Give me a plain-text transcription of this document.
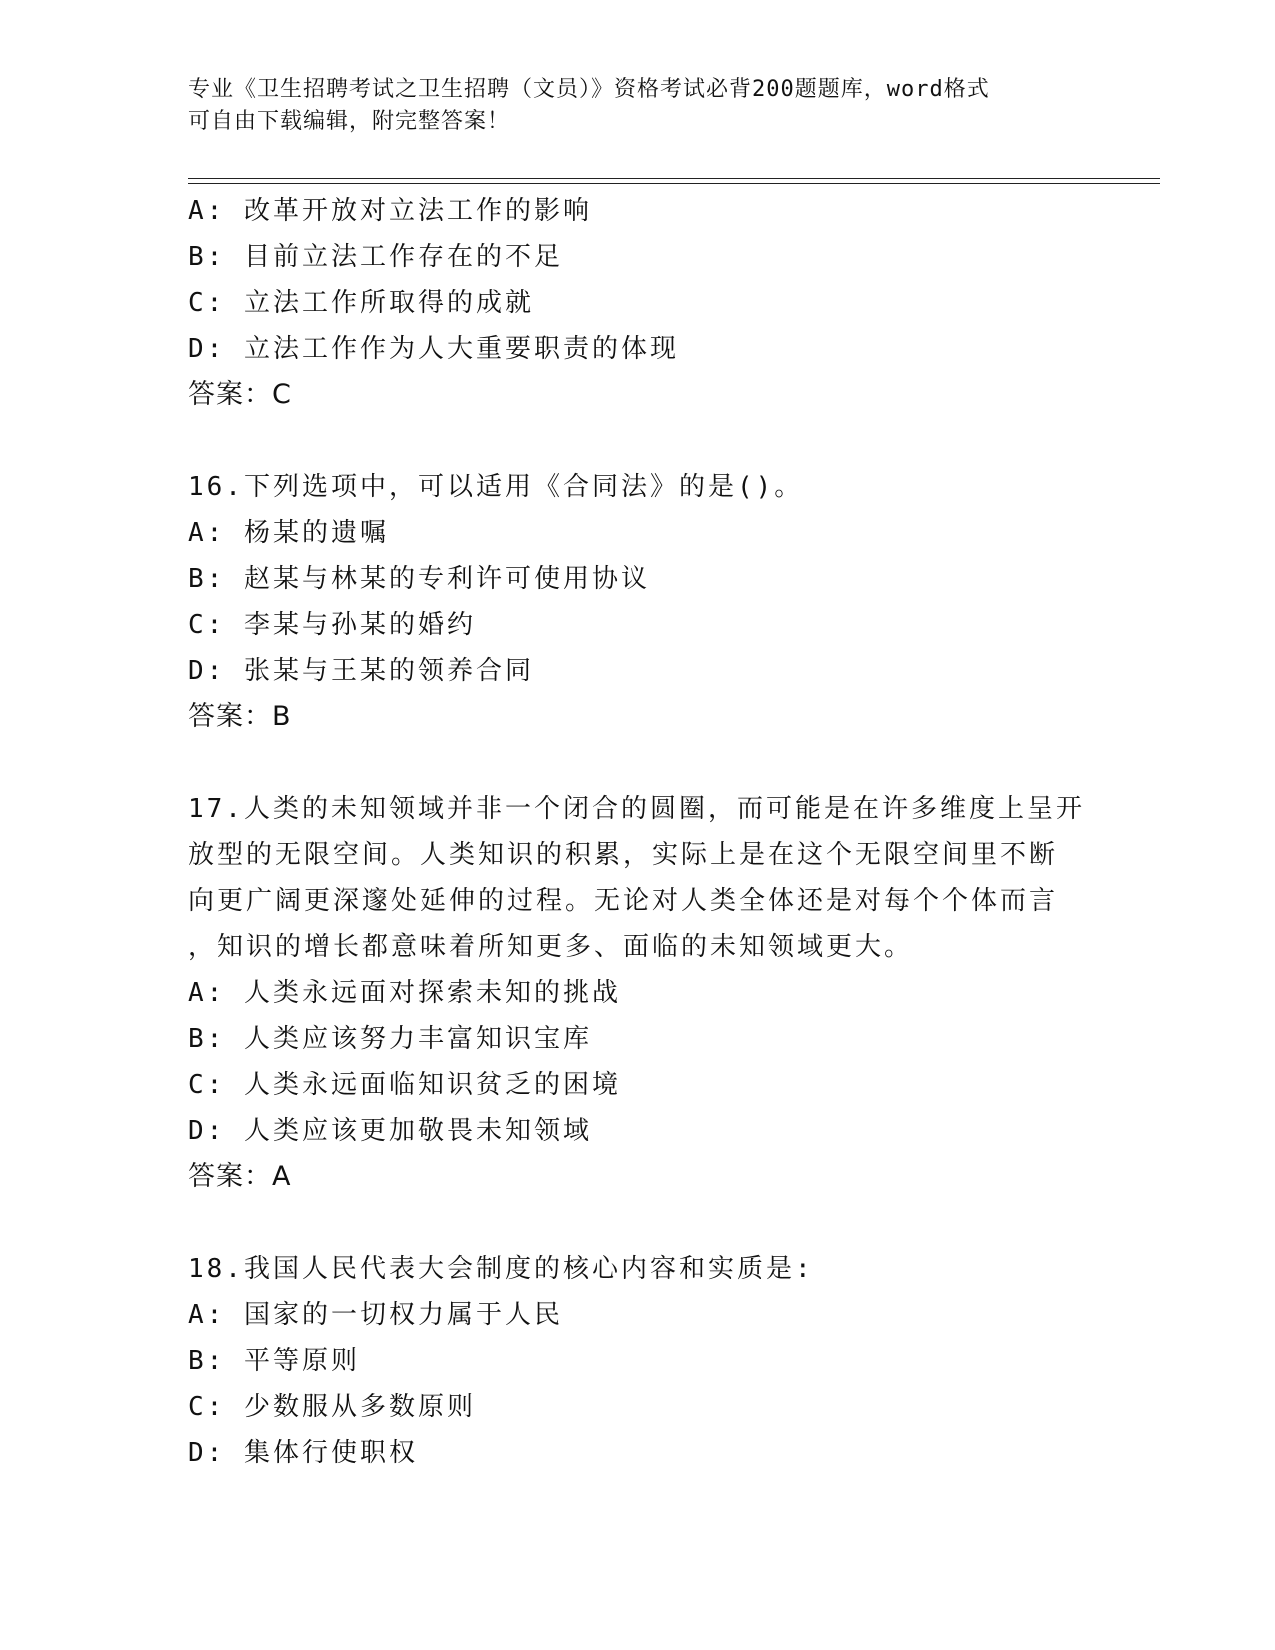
专业《卫生招聘考试之卫生招聘（文员）》资格考试必背200题题库，word格式
可自由下载编辑，附完整答案！
A: 改革开放对立法工作的影响
B: 目前立法工作存在的不足
C: 立法工作所取得的成就
D: 立法工作作为人大重要职责的体现
答案：C
16.下列选项中，可以适用《合同法》的是()。
A: 杨某的遗嘱
B: 赵某与林某的专利许可使用协议
C: 李某与孙某的婚约
D: 张某与王某的领养合同
答案：B
17.人类的未知领域并非一个闭合的圆圈，而可能是在许多维度上呈开
放型的无限空间。人类知识的积累，实际上是在这个无限空间里不断
向更广阔更深邃处延伸的过程。无论对人类全体还是对每个个体而言
，知识的增长都意味着所知更多、面临的未知领域更大。
A: 人类永远面对探索未知的挑战
B: 人类应该努力丰富知识宝库
C: 人类永远面临知识贫乏的困境
D: 人类应该更加敬畏未知领域
答案：A
18.我国人民代表大会制度的核心内容和实质是:
A: 国家的一切权力属于人民
B: 平等原则
C: 少数服从多数原则
D: 集体行使职权
